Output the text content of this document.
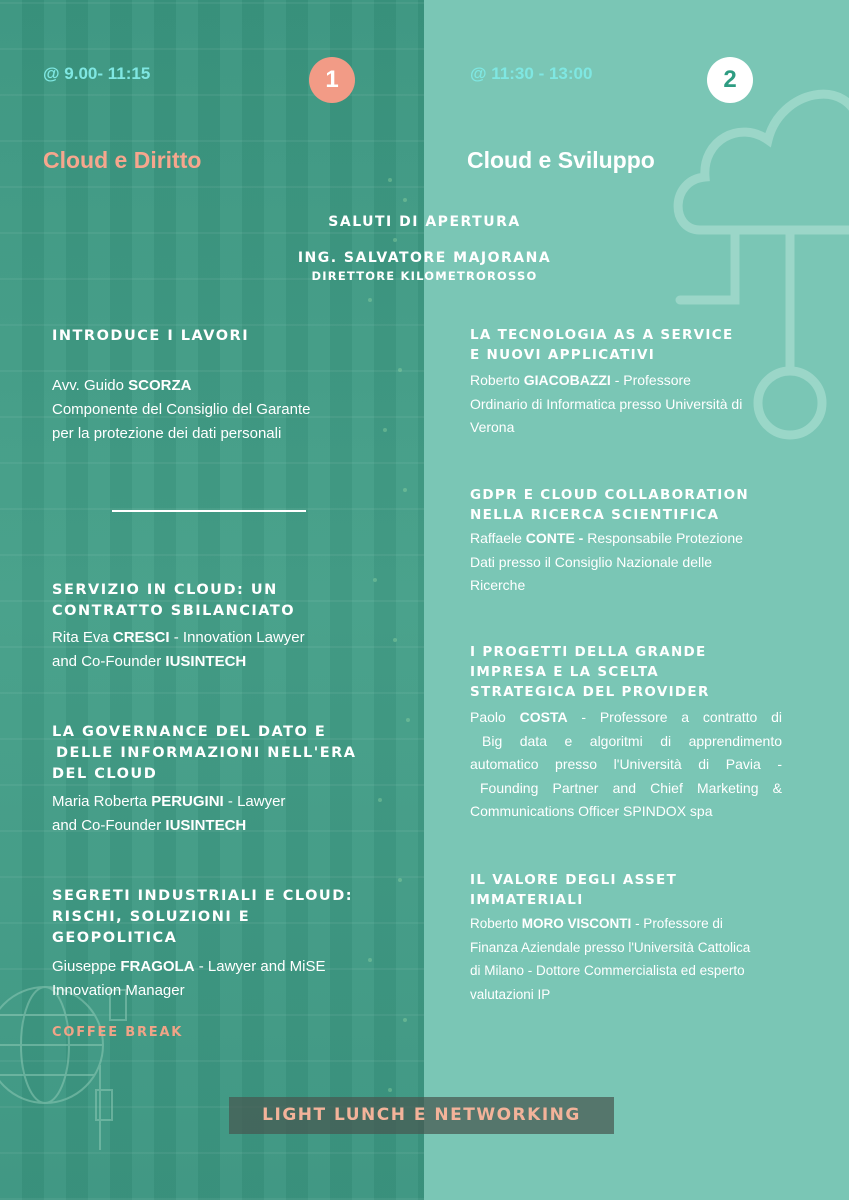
@ 9.00- 11:15	1
Cloud e Diritto
@ 11:30 - 13:00	2
Cloud e Sviluppo
SALUTI DI APERTURA
ING. SALVATORE MAJORANA
DIRETTORE KILOMETROROSSO
INTRODUCE I LAVORI
Avv. Guido SCORZA
Componente del Consiglio del Garante
per la protezione dei dati personali
SERVIZIO IN CLOUD: UN
CONTRATTO SBILANCIATO
Rita Eva CRESCI - Innovation Lawyer
and Co-Founder IUSINTECH
LA GOVERNANCE DEL DATO E
DELLE INFORMAZIONI NELL'ERA
DEL CLOUD
Maria Roberta PERUGINI - Lawyer
and Co-Founder IUSINTECH
SEGRETI INDUSTRIALI E CLOUD:
RISCHI, SOLUZIONI E
GEOPOLITICA
Giuseppe FRAGOLA - Lawyer and MiSE
Innovation Manager
COFFEE BREAK
LA TECNOLOGIA AS A SERVICE
E NUOVI APPLICATIVI
Roberto GIACOBAZZI - Professore
Ordinario di Informatica presso Università di
Verona
GDPR E CLOUD COLLABORATION
NELLA RICERCA SCIENTIFICA
Raffaele CONTE - Responsabile Protezione
Dati presso il Consiglio Nazionale delle
Ricerche
I PROGETTI DELLA GRANDE
IMPRESA E LA SCELTA
STRATEGICA DEL PROVIDER
Paolo COSTA - Professore a contratto di
Big data e algoritmi di apprendimento
automatico presso l'Università di Pavia -
Founding Partner and Chief Marketing &
Communications Officer SPINDOX spa
IL VALORE DEGLI ASSET
IMMATERIALI
Roberto MORO VISCONTI - Professore di
Finanza Aziendale presso l'Università Cattolica
di Milano - Dottore Commercialista ed esperto
valutazioni IP
LIGHT LUNCH E NETWORKING
